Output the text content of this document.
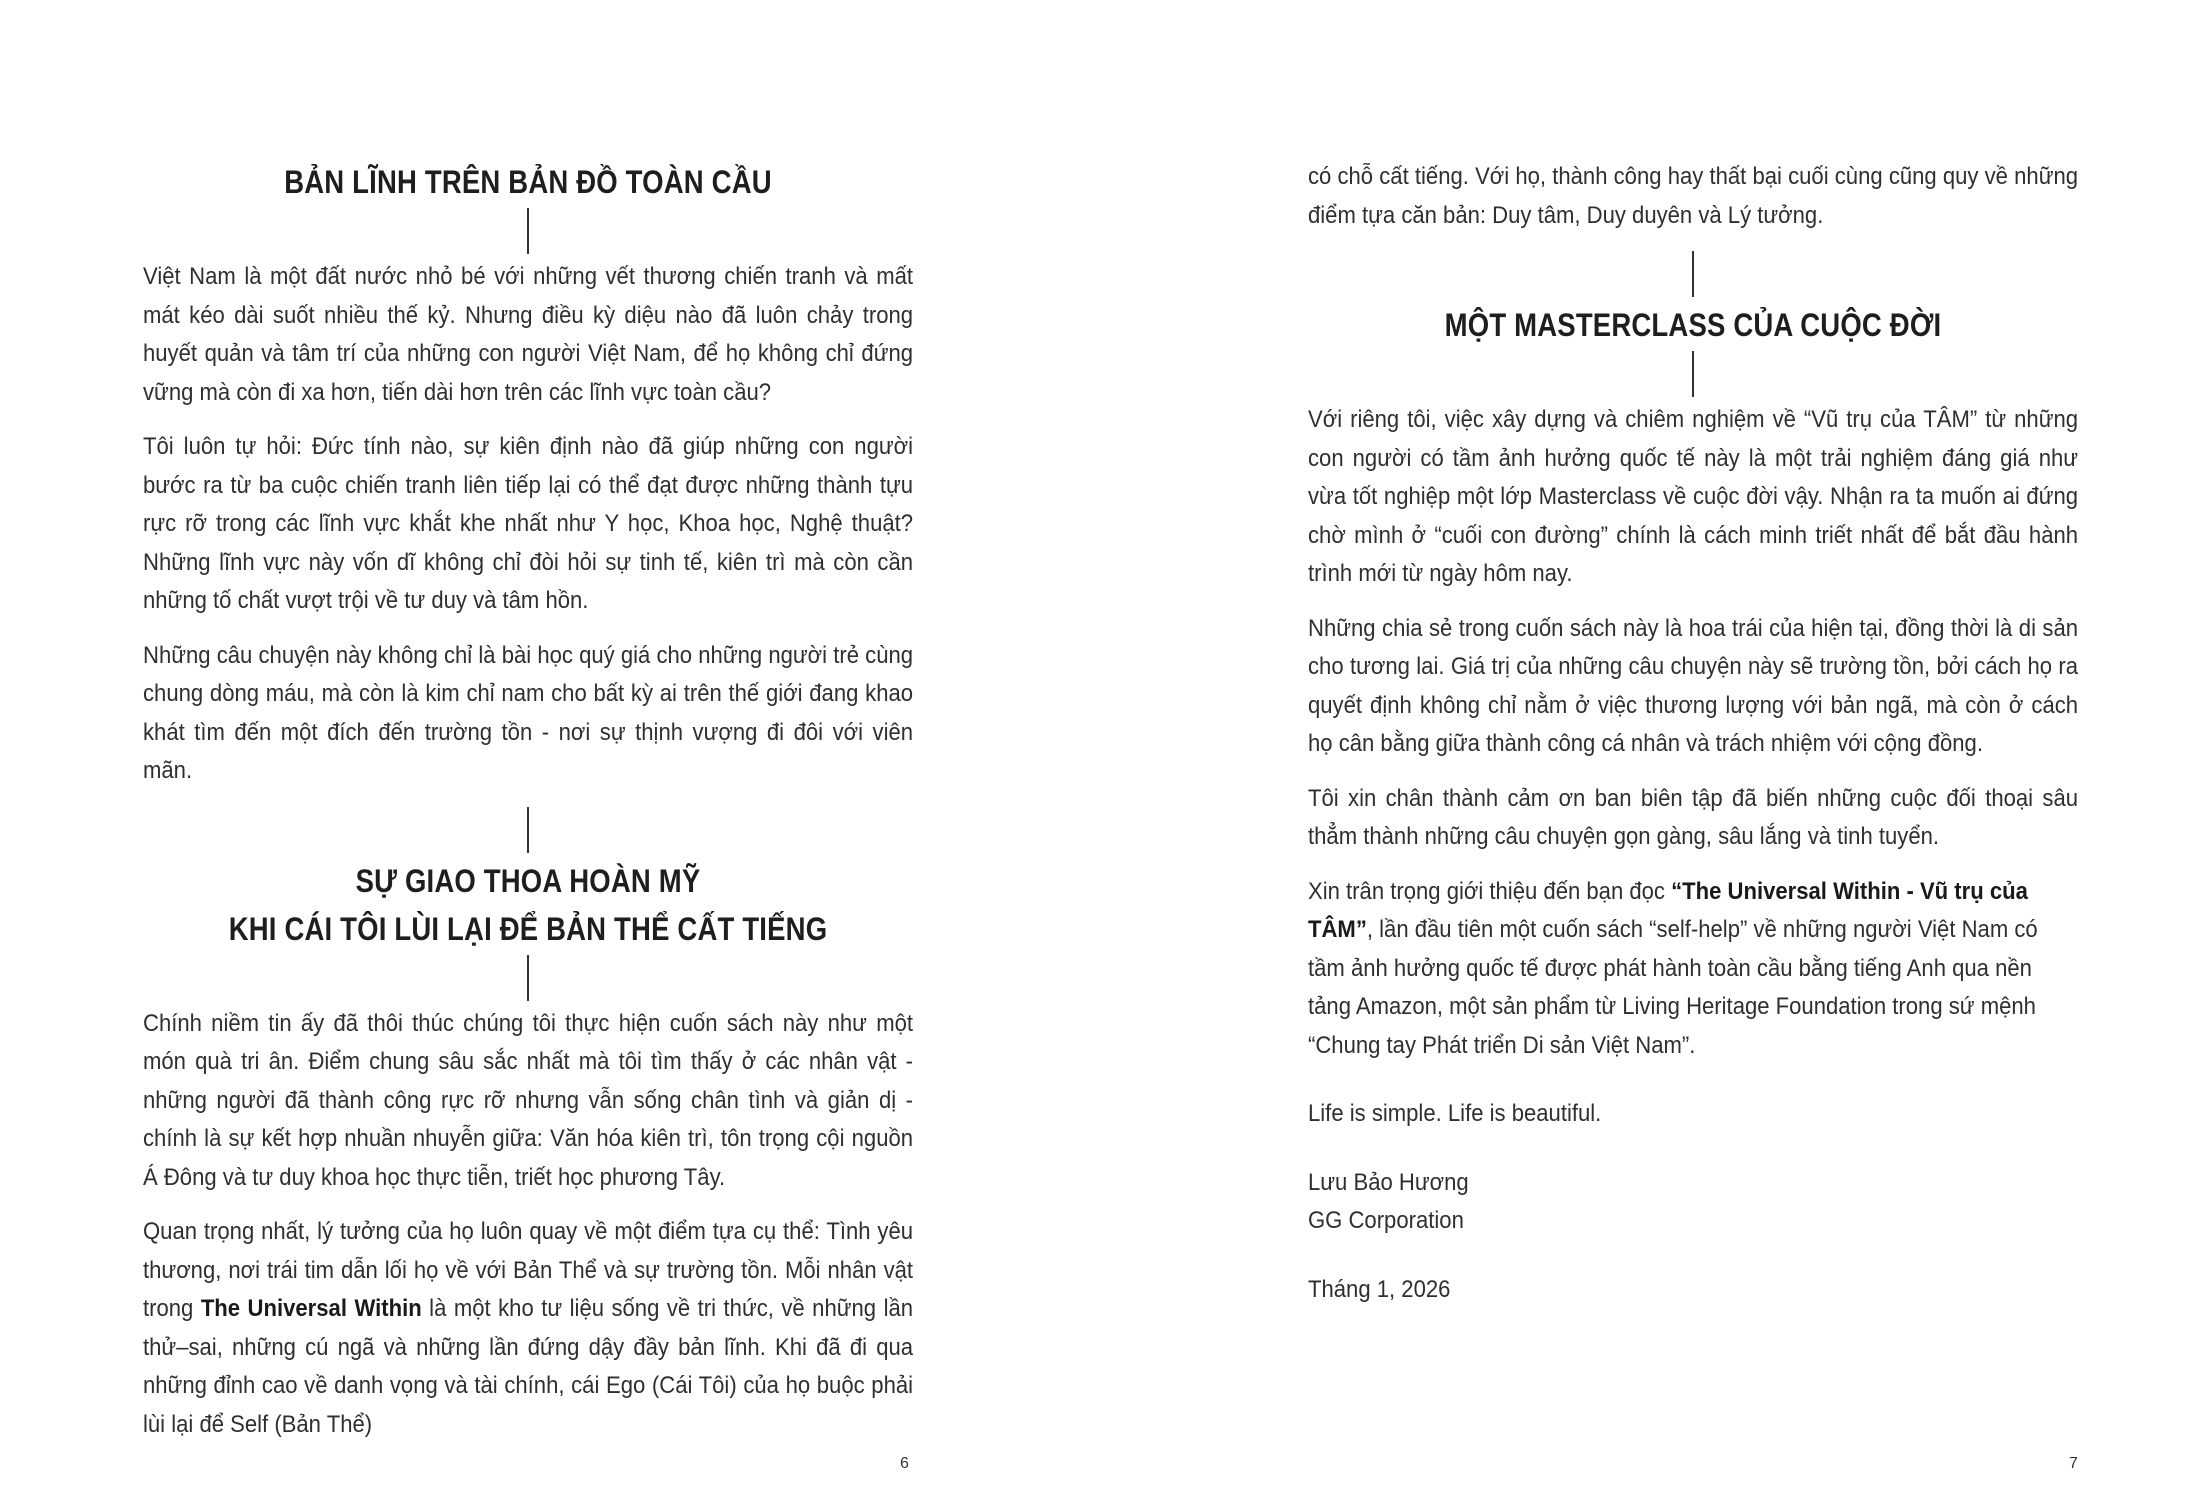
BẢN LĨNH TRÊN BẢN ĐỒ TOÀN CẦU

Việt Nam là một đất nước nhỏ bé với những vết thương chiến tranh và mất mát kéo dài suốt nhiều thế kỷ. Nhưng điều kỳ diệu nào đã luôn chảy trong huyết quản và tâm trí của những con người Việt Nam, để họ không chỉ đứng vững mà còn đi xa hơn, tiến dài hơn trên các lĩnh vực toàn cầu?

Tôi luôn tự hỏi: Đức tính nào, sự kiên định nào đã giúp những con người bước ra từ ba cuộc chiến tranh liên tiếp lại có thể đạt được những thành tựu rực rỡ trong các lĩnh vực khắt khe nhất như Y học, Khoa học, Nghệ thuật? Những lĩnh vực này vốn dĩ không chỉ đòi hỏi sự tinh tế, kiên trì mà còn cần những tố chất vượt trội về tư duy và tâm hồn.

Những câu chuyện này không chỉ là bài học quý giá cho những người trẻ cùng chung dòng máu, mà còn là kim chỉ nam cho bất kỳ ai trên thế giới đang khao khát tìm đến một đích đến trường tồn - nơi sự thịnh vượng đi đôi với viên mãn.

SỰ GIAO THOA HOÀN MỸ
KHI CÁI TÔI LÙI LẠI ĐỂ BẢN THỂ CẤT TIẾNG

Chính niềm tin ấy đã thôi thúc chúng tôi thực hiện cuốn sách này như một món quà tri ân. Điểm chung sâu sắc nhất mà tôi tìm thấy ở các nhân vật - những người đã thành công rực rỡ nhưng vẫn sống chân tình và giản dị - chính là sự kết hợp nhuần nhuyễn giữa: Văn hóa kiên trì, tôn trọng cội nguồn Á Đông và tư duy khoa học thực tiễn, triết học phương Tây.

Quan trọng nhất, lý tưởng của họ luôn quay về một điểm tựa cụ thể: Tình yêu thương, nơi trái tim dẫn lối họ về với Bản Thể và sự trường tồn. Mỗi nhân vật trong The Universal Within là một kho tư liệu sống về tri thức, về những lần thử–sai, những cú ngã và những lần đứng dậy đầy bản lĩnh. Khi đã đi qua những đỉnh cao về danh vọng và tài chính, cái Ego (Cái Tôi) của họ buộc phải lùi lại để Self (Bản Thể)

6

có chỗ cất tiếng. Với họ, thành công hay thất bại cuối cùng cũng quy về những điểm tựa căn bản: Duy tâm, Duy duyên và Lý tưởng.

MỘT MASTERCLASS CỦA CUỘC ĐỜI

Với riêng tôi, việc xây dựng và chiêm nghiệm về “Vũ trụ của TÂM” từ những con người có tầm ảnh hưởng quốc tế này là một trải nghiệm đáng giá như vừa tốt nghiệp một lớp Masterclass về cuộc đời vậy. Nhận ra ta muốn ai đứng chờ mình ở “cuối con đường” chính là cách minh triết nhất để bắt đầu hành trình mới từ ngày hôm nay.

Những chia sẻ trong cuốn sách này là hoa trái của hiện tại, đồng thời là di sản cho tương lai. Giá trị của những câu chuyện này sẽ trường tồn, bởi cách họ ra quyết định không chỉ nằm ở việc thương lượng với bản ngã, mà còn ở cách họ cân bằng giữa thành công cá nhân và trách nhiệm với cộng đồng.

Tôi xin chân thành cảm ơn ban biên tập đã biến những cuộc đối thoại sâu thẳm thành những câu chuyện gọn gàng, sâu lắng và tinh tuyển.

Xin trân trọng giới thiệu đến bạn đọc “The Universal Within - Vũ trụ của TÂM”, lần đầu tiên một cuốn sách “self-help” về những người Việt Nam có tầm ảnh hưởng quốc tế được phát hành toàn cầu bằng tiếng Anh qua nền tảng Amazon, một sản phẩm từ Living Heritage Foundation trong sứ mệnh “Chung tay Phát triển Di sản Việt Nam”.

Life is simple. Life is beautiful.

Lưu Bảo Hương

GG Corporation

Tháng 1, 2026

7
